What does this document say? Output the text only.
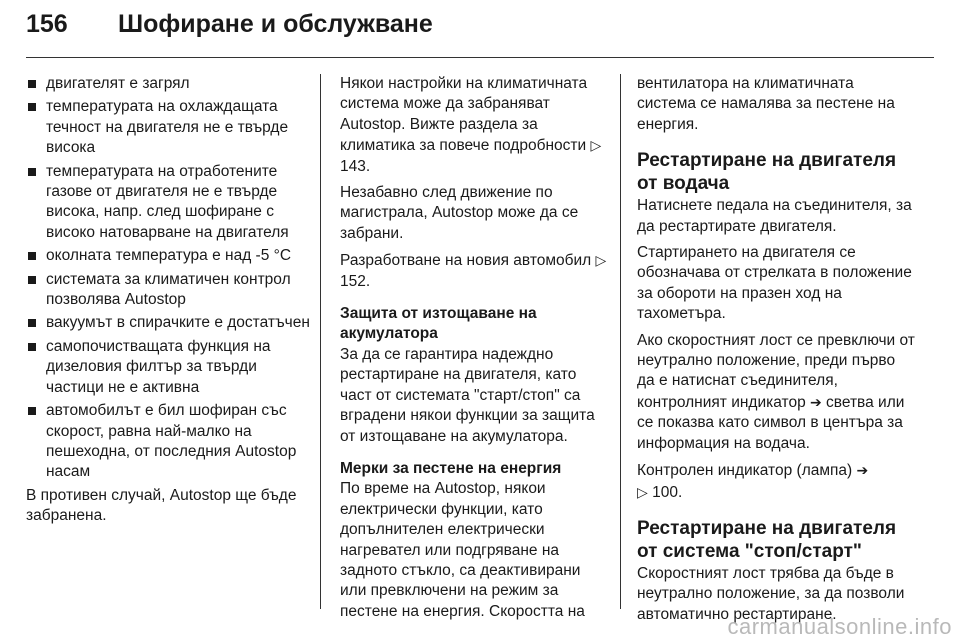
156	Шофиране и обслужване
двигателят е загрял
температурата на охлаждащата течност на двигателя не е твърде висока
температурата на отработените газове от двигателя не е твърде висока, напр. след шофиране с високо натоварване на двигателя
околната температура е над -5 °C
системата за климатичен контрол позволява Autostop
вакуумът в спирачките е достатъчен
самопочистващата функция на дизеловия филтър за твърди частици не е активна
автомобилът е бил шофиран със скорост, равна най-малко на пешеходна, от последния Autostop насам

В противен случай, Autostop ще бъде забранена.

Някои настройки на климатичната система може да забраняват Autostop. Вижте раздела за климатика за повече подробности ▷ 143.

Незабавно след движение по магистрала, Autostop може да се забрани.

Разработване на новия автомобил ▷ 152.

Защита от изтощаване на акумулатора

За да се гарантира надеждно рестартиране на двигателя, като част от системата "старт/стоп" са вградени някои функции за защита от изтощаване на акумулатора.

Мерки за пестене на енергия

По време на Autostop, някои електрически функции, като допълнителен електрически нагревател или подгряване на задното стъкло, са деактивирани или превключени на режим за пестене на енергия. Скоростта на

вентилатора на климатичната система се намалява за пестене на енергия.

Рестартиране на двигателя от водача

Натиснете педала на съединителя, за да рестартирате двигателя.

Стартирането на двигателя се обозначава от стрелката в положение за обороти на празен ход на тахометъра.

Ако скоростният лост се превключи от неутрално положение, преди първо да е натиснат съединителя, контролният индикатор ➔ светва или се показва като символ в центъра за информация на водача.

Контролен индикатор (лампа) ➔
▷ 100.

Рестартиране на двигателя от система "стоп/старт"

Скоростният лост трябва да бъде в неутрално положение, за да позволи автоматично рестартиране.

carmanualsonline.info
